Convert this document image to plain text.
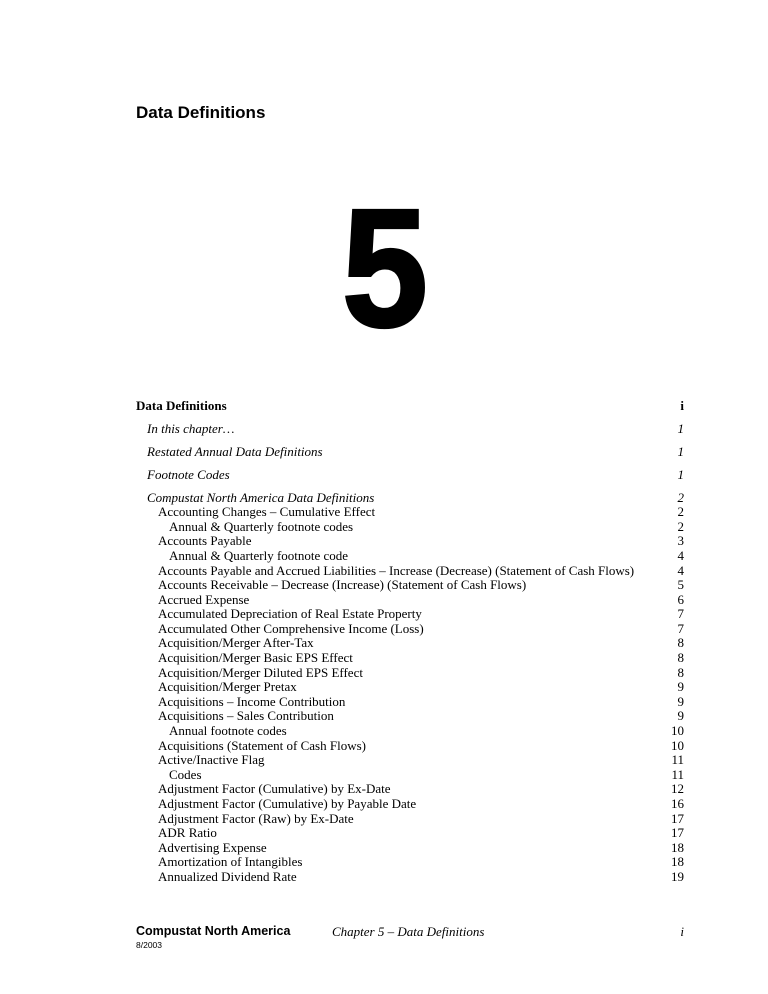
Data Definitions
5
Data Definitions	i
In this chapter…	1
Restated Annual Data Definitions	1
Footnote Codes	1
Compustat North America Data Definitions	2
Accounting Changes – Cumulative Effect	2
Annual & Quarterly footnote codes	2
Accounts Payable	3
Annual & Quarterly footnote code	4
Accounts Payable and Accrued Liabilities – Increase (Decrease) (Statement of Cash Flows)	4
Accounts Receivable – Decrease (Increase) (Statement of Cash Flows)	5
Accrued Expense	6
Accumulated Depreciation of Real Estate Property	7
Accumulated Other Comprehensive Income (Loss)	7
Acquisition/Merger After-Tax	8
Acquisition/Merger Basic EPS Effect	8
Acquisition/Merger Diluted EPS Effect	8
Acquisition/Merger Pretax	9
Acquisitions – Income Contribution	9
Acquisitions – Sales Contribution	9
Annual footnote codes	10
Acquisitions (Statement of Cash Flows)	10
Active/Inactive Flag	11
Codes	11
Adjustment Factor (Cumulative) by Ex-Date	12
Adjustment Factor (Cumulative) by Payable Date	16
Adjustment Factor (Raw) by Ex-Date	17
ADR Ratio	17
Advertising Expense	18
Amortization of Intangibles	18
Annualized Dividend Rate	19
Compustat North America
8/2003
Chapter 5 – Data Definitions	i
